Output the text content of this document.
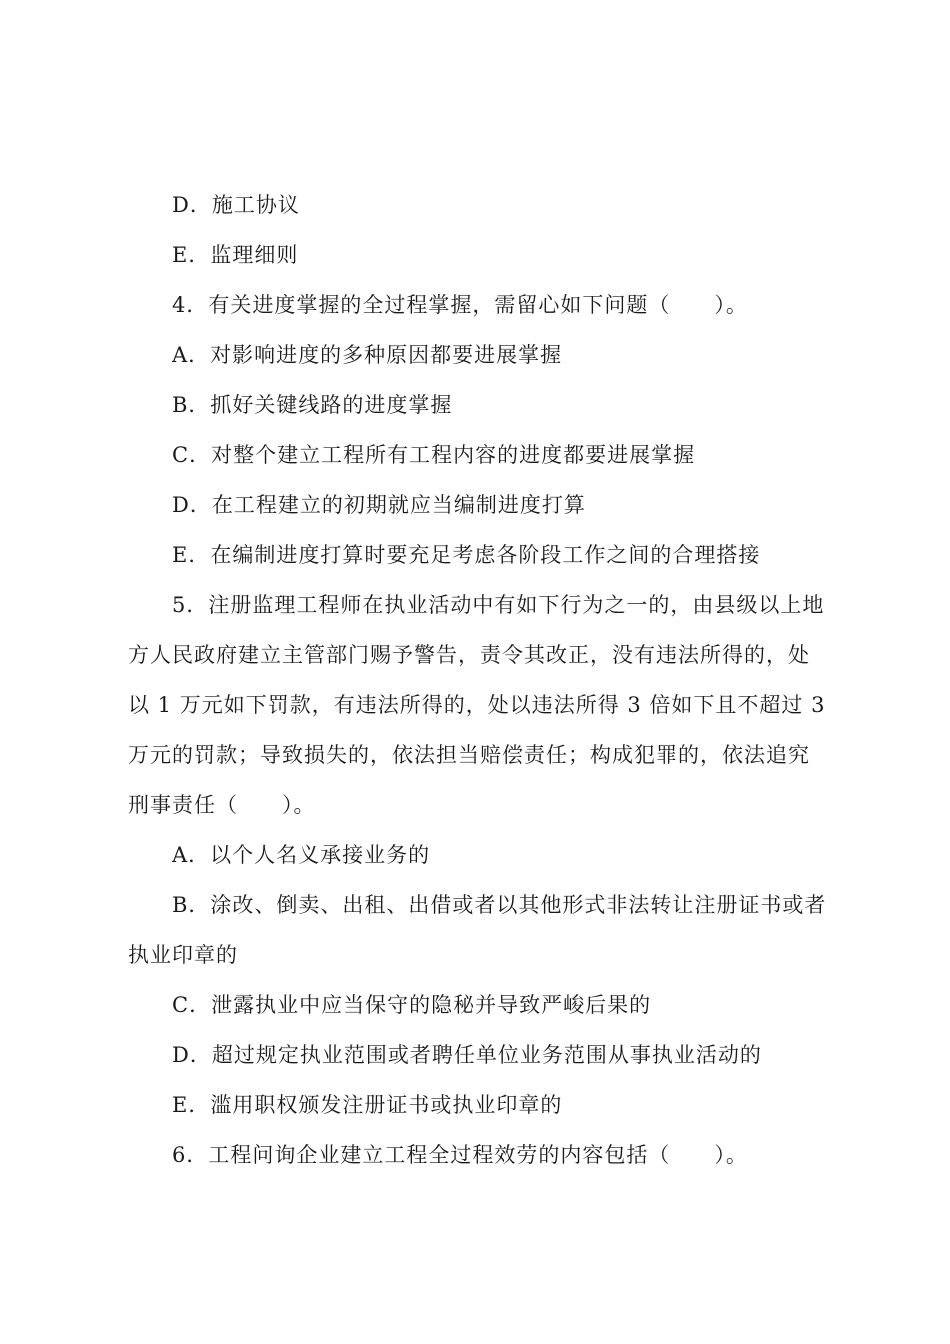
D．施工协议
E．监理细则
4．有关进度掌握的全过程掌握，需留心如下问题（　　）。
A．对影响进度的多种原因都要进展掌握
B．抓好关键线路的进度掌握
C．对整个建立工程所有工程内容的进度都要进展掌握
D．在工程建立的初期就应当编制进度打算
E．在编制进度打算时要充足考虑各阶段工作之间的合理搭接
5．注册监理工程师在执业活动中有如下行为之一的，由县级以上地
方人民政府建立主管部门赐予警告，责令其改正，没有违法所得的，处
以 1 万元如下罚款，有违法所得的，处以违法所得 3 倍如下且不超过 3
万元的罚款；导致损失的，依法担当赔偿责任；构成犯罪的，依法追究
刑事责任（　　）。
A．以个人名义承接业务的
B．涂改、倒卖、出租、出借或者以其他形式非法转让注册证书或者
执业印章的
C．泄露执业中应当保守的隐秘并导致严峻后果的
D．超过规定执业范围或者聘任单位业务范围从事执业活动的
E．滥用职权颁发注册证书或执业印章的
6．工程问询企业建立工程全过程效劳的内容包括（　　）。
